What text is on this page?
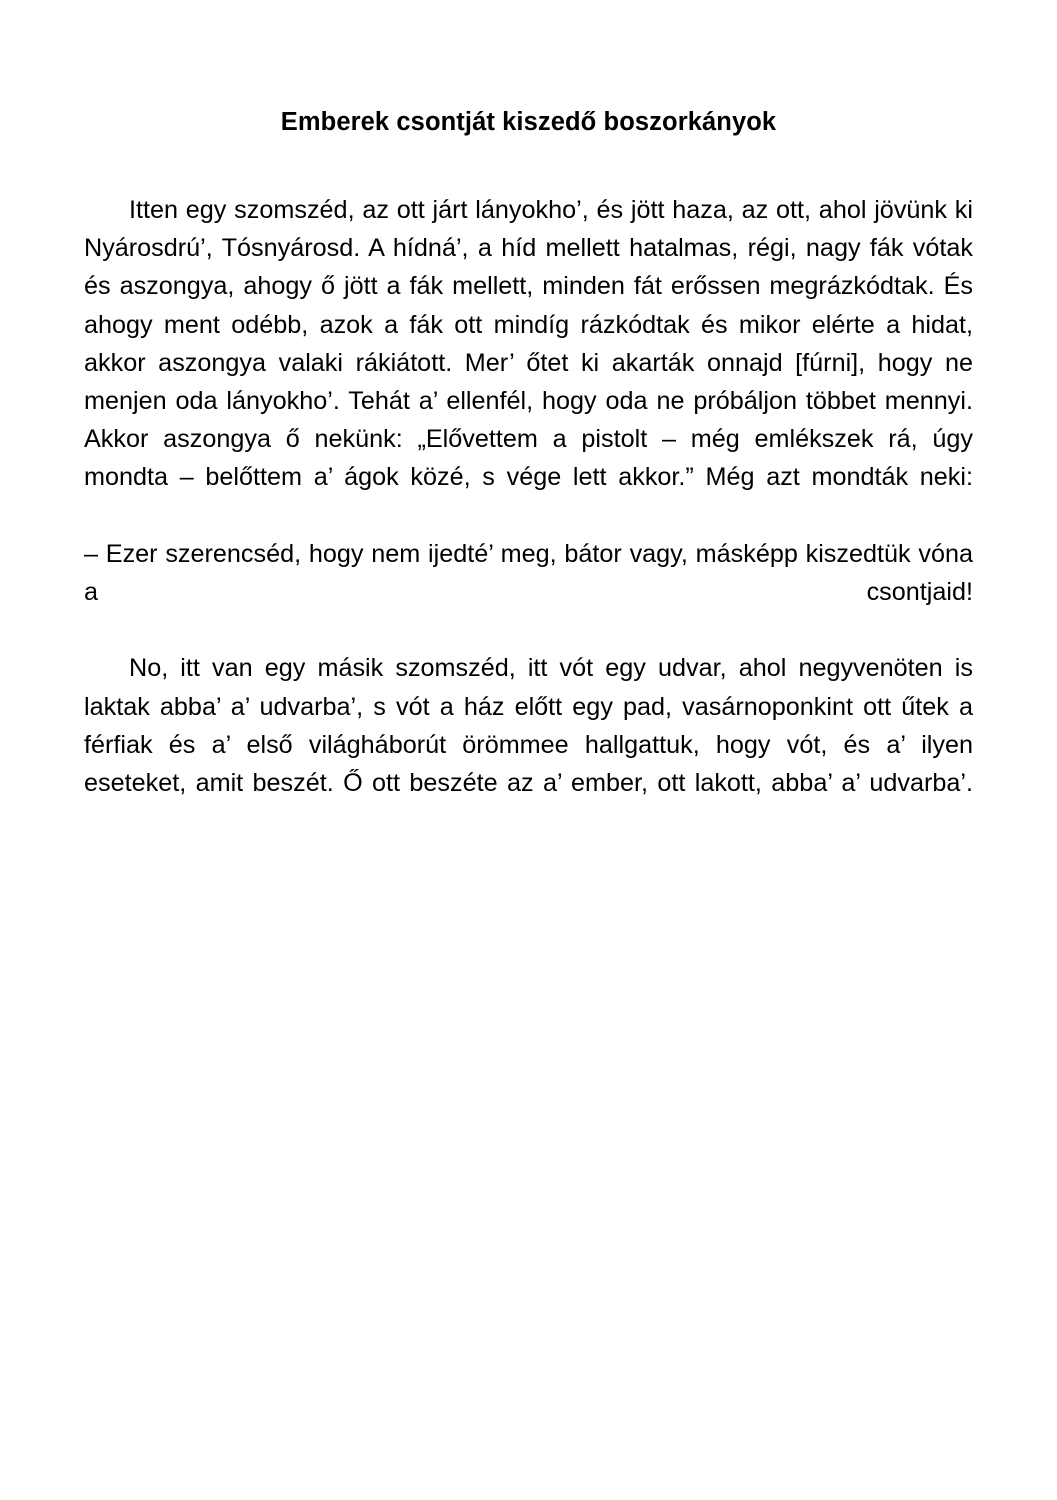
Emberek csontját kiszedő boszorkányok

Itten egy szomszéd, az ott járt lányokho’, és jött haza, az ott, ahol jövünk ki Nyárosdrú’, Tósnyárosd. A hídná’, a híd mellett hatalmas, régi, nagy fák vótak és aszongya, ahogy ő jött a fák mellett, minden fát erőssen megrázkódtak. És ahogy ment odébb, azok a fák ott mindíg rázkódtak és mikor elérte a hidat, akkor aszongya valaki rákiátott. Mer’ őtet ki akarták onnajd [fúrni], hogy ne menjen oda lányokho’. Tehát a’ ellenfél, hogy oda ne próbáljon többet mennyi. Akkor aszongya ő nekünk: „Elővettem a pistolt – még emlékszek rá, úgy mondta – belőttem a’ ágok közé, s vége lett akkor.” Még azt mondták neki:

– Ezer szerencséd, hogy nem ijedté’ meg, bátor vagy, másképp kiszedtük vóna a csontjaid!

No, itt van egy másik szomszéd, itt vót egy udvar, ahol negyvenöten is laktak abba’ a’ udvarba’, s vót a ház előtt egy pad, vasárnoponkint ott űtek a férfiak és a’ első világháborút örömmee hallgattuk, hogy vót, és a’ ilyen eseteket, amit beszét. Ő ott beszéte az a’ ember, ott lakott, abba’ a’ udvarba’.
